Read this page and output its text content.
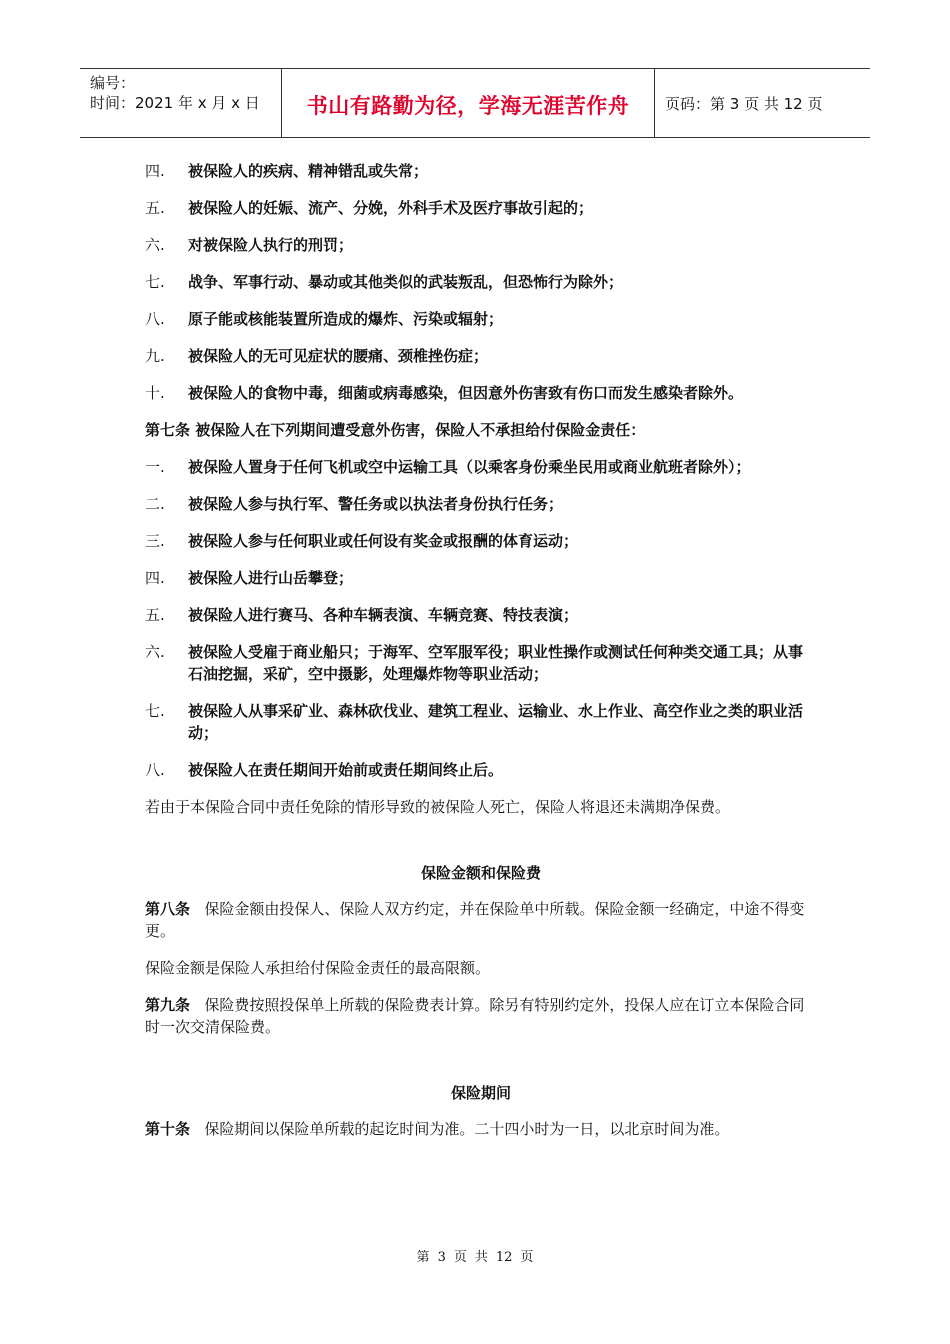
编号：
时间：2021 年 x 月 x 日	书山有路勤为径，学海无涯苦作舟	页码：第 3 页 共 12 页
四.	被保险人的疾病、精神错乱或失常；
五.	被保险人的妊娠、流产、分娩，外科手术及医疗事故引起的；
六.	对被保险人执行的刑罚；
七.	战争、军事行动、暴动或其他类似的武装叛乱，但恐怖行为除外；
八.	原子能或核能装置所造成的爆炸、污染或辐射；
九.	被保险人的无可见症状的腰痛、颈椎挫伤症；
十.	被保险人的食物中毒，细菌或病毒感染，但因意外伤害致有伤口而发生感染者除外。
第七条 被保险人在下列期间遭受意外伤害，保险人不承担给付保险金责任：
一.	被保险人置身于任何飞机或空中运输工具（以乘客身份乘坐民用或商业航班者除外）；
二.	被保险人参与执行军、警任务或以执法者身份执行任务；
三.	被保险人参与任何职业或任何设有奖金或报酬的体育运动；
四.	被保险人进行山岳攀登；
五.	被保险人进行赛马、各种车辆表演、车辆竞赛、特技表演；
六.	被保险人受雇于商业船只；于海军、空军服军役；职业性操作或测试任何种类交通工具；从事石油挖掘，采矿，空中摄影，处理爆炸物等职业活动；
七.	被保险人从事采矿业、森林砍伐业、建筑工程业、运输业、水上作业、高空作业之类的职业活动；
八.	被保险人在责任期间开始前或责任期间终止后。
若由于本保险合同中责任免除的情形导致的被保险人死亡，保险人将退还未满期净保费。
保险金额和保险费
第八条 保险金额由投保人、保险人双方约定，并在保险单中所载。保险金额一经确定，中途不得变更。
保险金额是保险人承担给付保险金责任的最高限额。
第九条 保险费按照投保单上所载的保险费表计算。除另有特别约定外，投保人应在订立本保险合同时一次交清保险费。
保险期间
第十条 保险期间以保险单所载的起讫时间为准。二十四小时为一日，以北京时间为准。
第 3 页 共 12 页
